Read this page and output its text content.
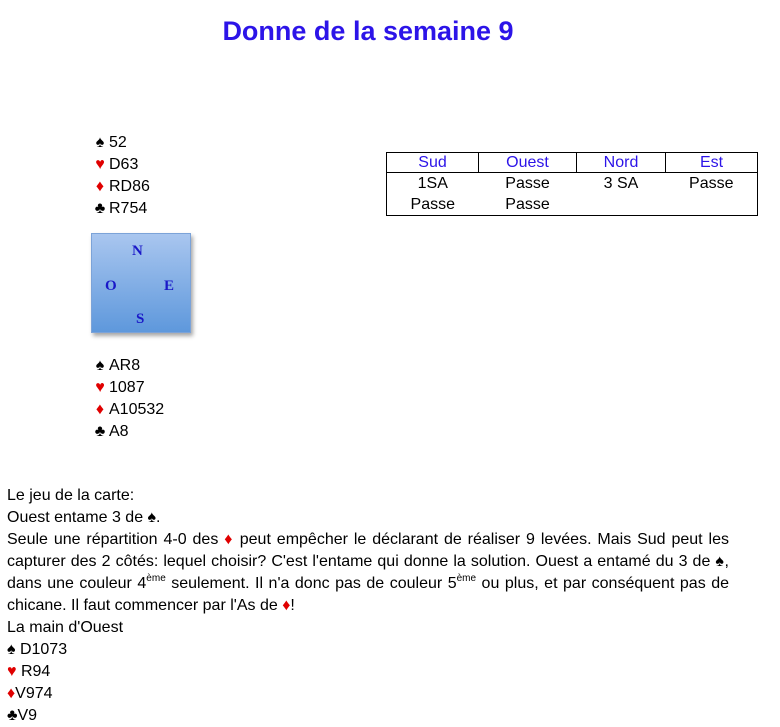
Donne de la semaine 9
♠ 52
♥ D63
♦ RD86
♣ R754
N
O	E
S
♠ AR8
♥ 1087
♦ A10532
♣ A8
Sud	Ouest	Nord	Est
1SA	Passe	3 SA	Passe
Passe	Passe		

Le jeu de la carte:

Ouest entame 3 de ♠.

Seule une répartition 4-0 des ♦ peut empêcher le déclarant de réaliser 9 levées. Mais Sud peut les capturer des 2 côtés: lequel choisir? C'est l'entame qui donne la solution. Ouest a entamé du 3 de ♠, dans une couleur 4ème seulement. Il n'a donc pas de couleur 5ème ou plus, et par conséquent pas de chicane. Il faut commencer par l'As de ♦!

La main d'Ouest

♠ D1073
♥ R94
♦V974
♣V9
